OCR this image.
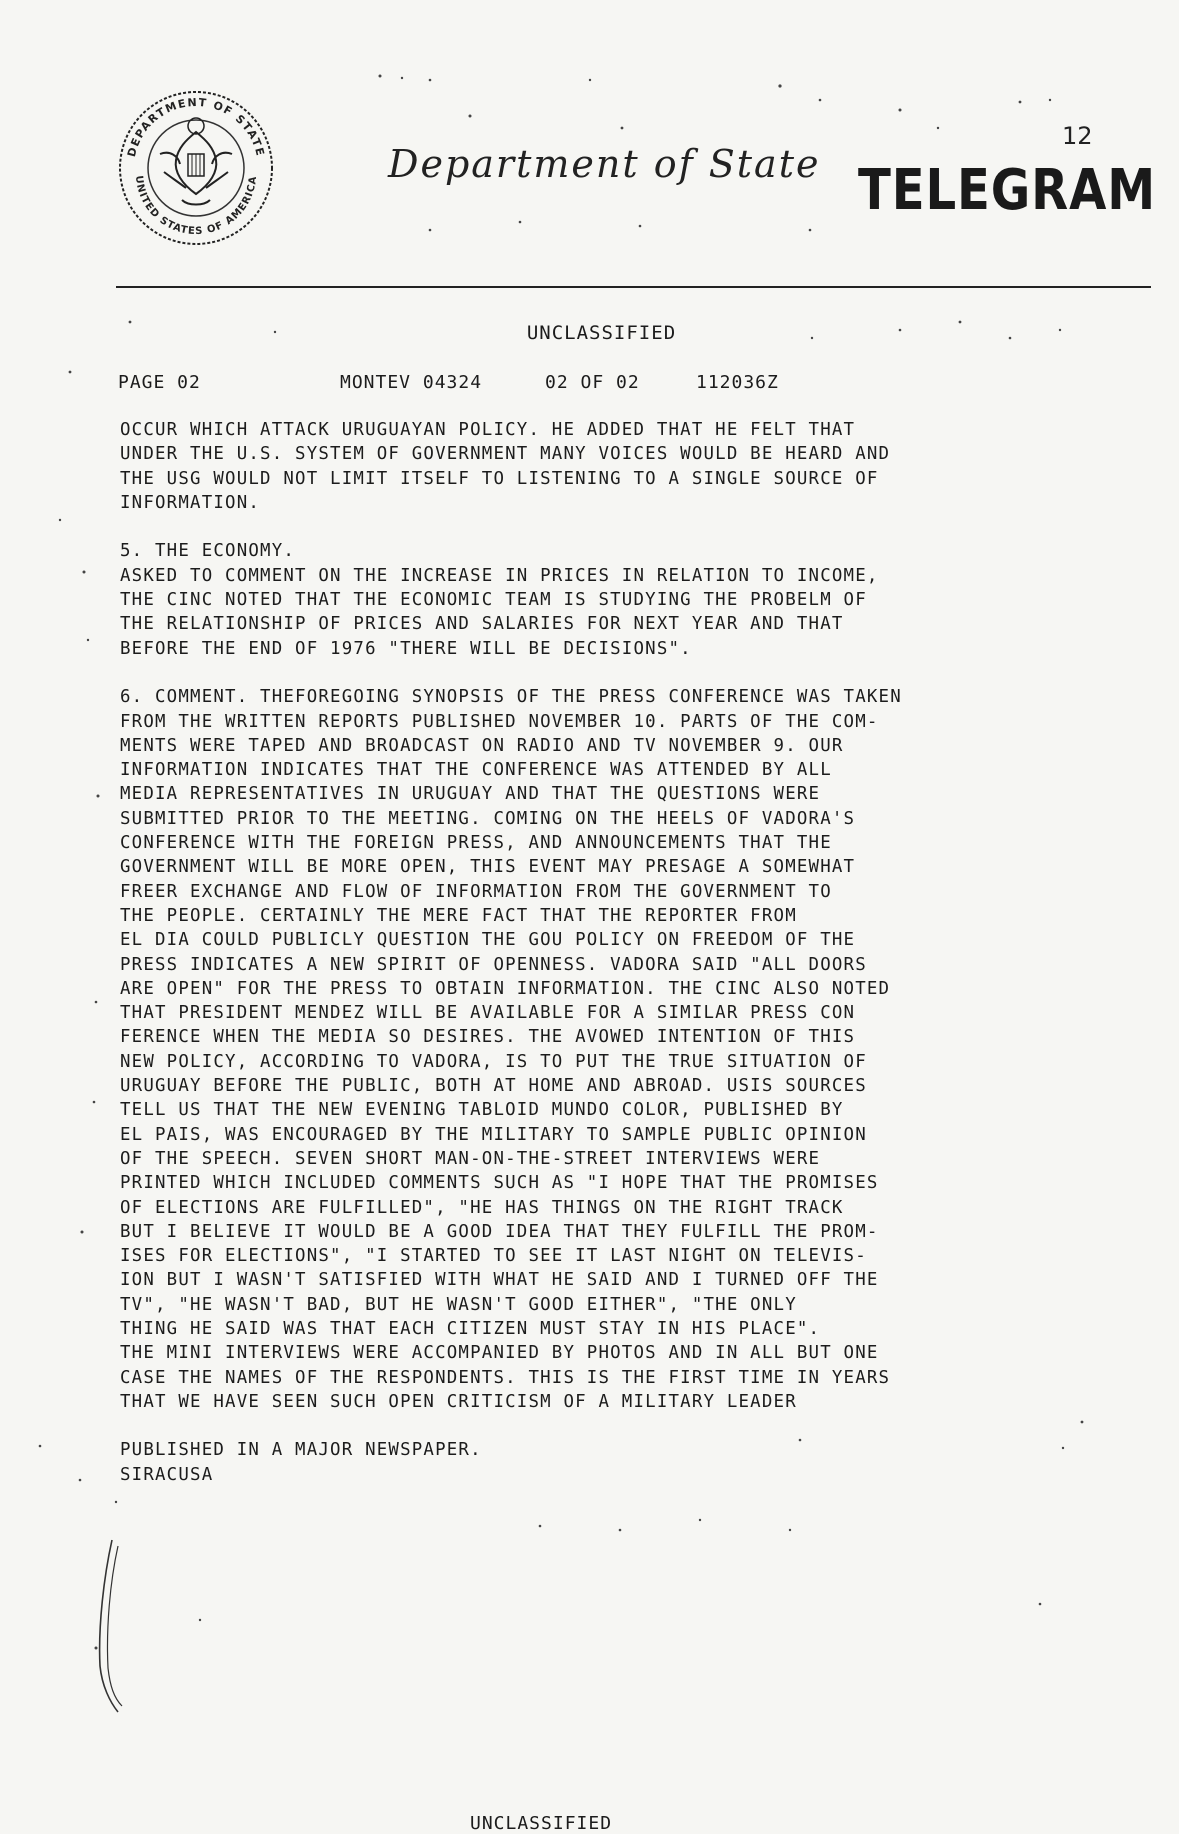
DEPARTMENT OF STATE
UNITED STATES OF AMERICA	Department of State TELEGRAM
12
UNCLASSIFIED
PAGE 02	MONTEV 04324	02 OF 02	112036Z
OCCUR WHICH ATTACK URUGUAYAN POLICY. HE ADDED THAT HE FELT THAT
UNDER THE U.S. SYSTEM OF GOVERNMENT MANY VOICES WOULD BE HEARD AND
THE USG WOULD NOT LIMIT ITSELF TO LISTENING TO A SINGLE SOURCE OF
INFORMATION.
5. THE ECONOMY.
ASKED TO COMMENT ON THE INCREASE IN PRICES IN RELATION TO INCOME,
THE CINC NOTED THAT THE ECONOMIC TEAM IS STUDYING THE PROBELM OF
THE RELATIONSHIP OF PRICES AND SALARIES FOR NEXT YEAR AND THAT
BEFORE THE END OF 1976 "THERE WILL BE DECISIONS".
6. COMMENT. THEFOREGOING SYNOPSIS OF THE PRESS CONFERENCE WAS TAKEN
FROM THE WRITTEN REPORTS PUBLISHED NOVEMBER 10. PARTS OF THE COM-
MENTS WERE TAPED AND BROADCAST ON RADIO AND TV NOVEMBER 9. OUR
INFORMATION INDICATES THAT THE CONFERENCE WAS ATTENDED BY ALL
MEDIA REPRESENTATIVES IN URUGUAY AND THAT THE QUESTIONS WERE
SUBMITTED PRIOR TO THE MEETING. COMING ON THE HEELS OF VADORA'S
CONFERENCE WITH THE FOREIGN PRESS, AND ANNOUNCEMENTS THAT THE
GOVERNMENT WILL BE MORE OPEN, THIS EVENT MAY PRESAGE A SOMEWHAT
FREER EXCHANGE AND FLOW OF INFORMATION FROM THE GOVERNMENT TO
THE PEOPLE. CERTAINLY THE MERE FACT THAT THE REPORTER FROM
EL DIA COULD PUBLICLY QUESTION THE GOU POLICY ON FREEDOM OF THE
PRESS INDICATES A NEW SPIRIT OF OPENNESS. VADORA SAID "ALL DOORS
ARE OPEN" FOR THE PRESS TO OBTAIN INFORMATION. THE CINC ALSO NOTED
THAT PRESIDENT MENDEZ WILL BE AVAILABLE FOR A SIMILAR PRESS CON
FERENCE WHEN THE MEDIA SO DESIRES. THE AVOWED INTENTION OF THIS
NEW POLICY, ACCORDING TO VADORA, IS TO PUT THE TRUE SITUATION OF
URUGUAY BEFORE THE PUBLIC, BOTH AT HOME AND ABROAD. USIS SOURCES
TELL US THAT THE NEW EVENING TABLOID MUNDO COLOR, PUBLISHED BY
EL PAIS, WAS ENCOURAGED BY THE MILITARY TO SAMPLE PUBLIC OPINION
OF THE SPEECH. SEVEN SHORT MAN-ON-THE-STREET INTERVIEWS WERE
PRINTED WHICH INCLUDED COMMENTS SUCH AS "I HOPE THAT THE PROMISES
OF ELECTIONS ARE FULFILLED", "HE HAS THINGS ON THE RIGHT TRACK
BUT I BELIEVE IT WOULD BE A GOOD IDEA THAT THEY FULFILL THE PROM-
ISES FOR ELECTIONS", "I STARTED TO SEE IT LAST NIGHT ON TELEVIS-
ION BUT I WASN'T SATISFIED WITH WHAT HE SAID AND I TURNED OFF THE
TV", "HE WASN'T BAD, BUT HE WASN'T GOOD EITHER", "THE ONLY
THING HE SAID WAS THAT EACH CITIZEN MUST STAY IN HIS PLACE".
THE MINI INTERVIEWS WERE ACCOMPANIED BY PHOTOS AND IN ALL BUT ONE
CASE THE NAMES OF THE RESPONDENTS. THIS IS THE FIRST TIME IN YEARS
THAT WE HAVE SEEN SUCH OPEN CRITICISM OF A MILITARY LEADER
PUBLISHED IN A MAJOR NEWSPAPER.
SIRACUSA
UNCLASSIFIED
